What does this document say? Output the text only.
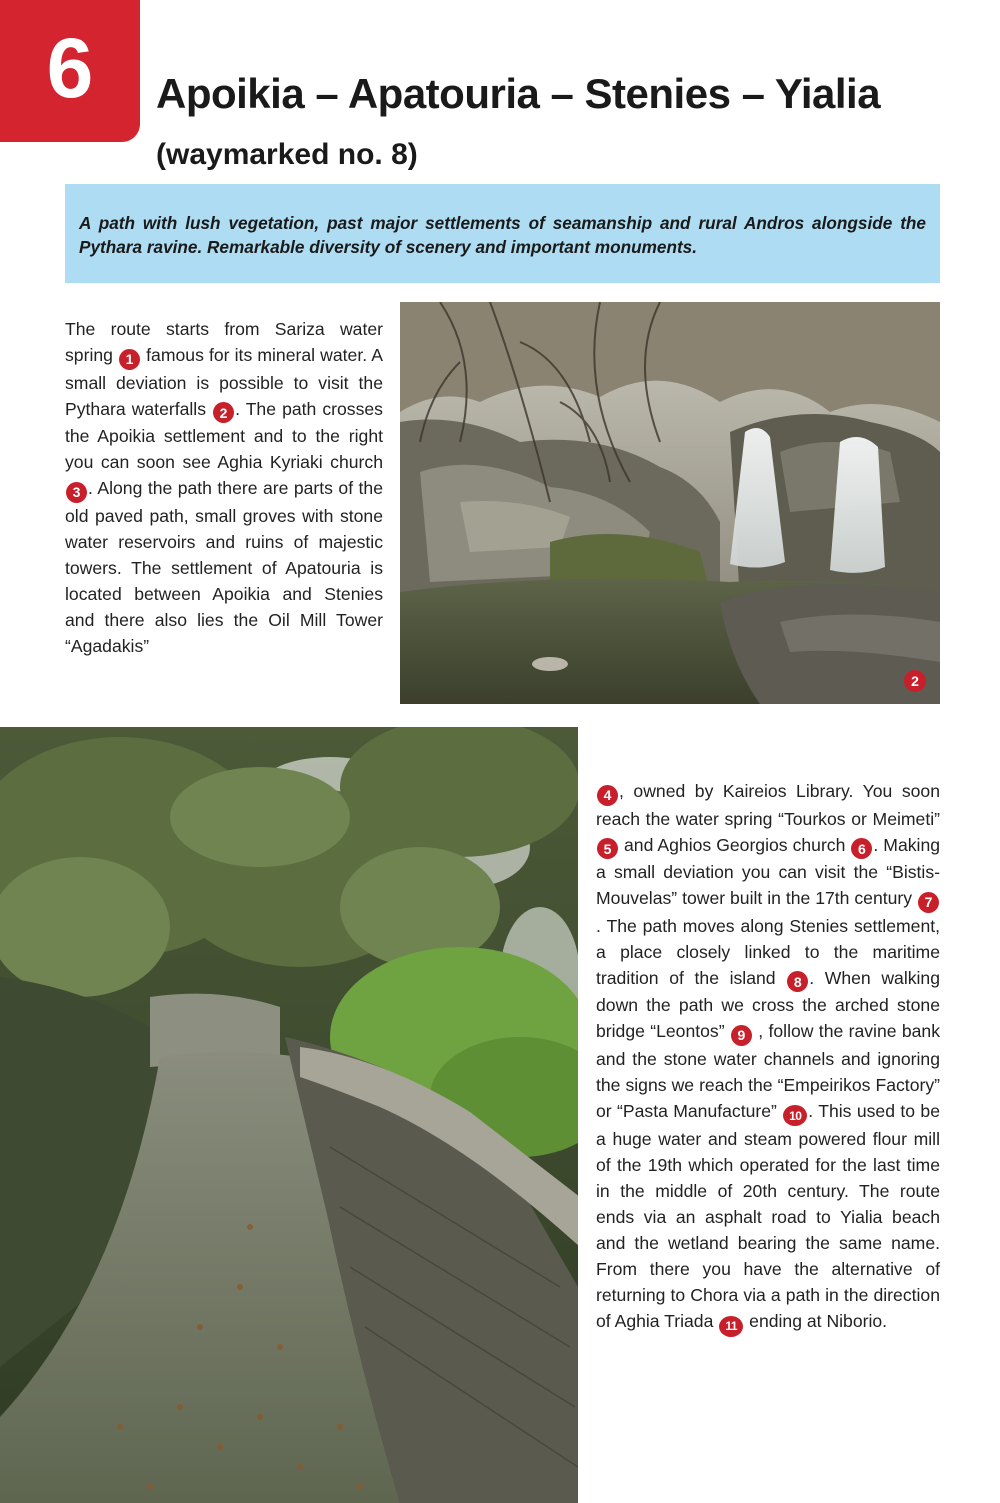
6 Apoikia – Apatouria – Stenies – Yialia (waymarked no. 8)

A path with lush vegetation, past major settlements of seamanship and rural Andros alongside the Pythara ravine. Remarkable diversity of scenery and important monuments.

The route starts from Sariza water spring 1 famous for its mineral water. A small deviation is possible to visit the Pythara waterfalls 2 . The path crosses the Apoikia settlement and to the right you can soon see Aghia Kyriaki church 3 . Along the path there are parts of the old paved path, small groves with stone water reservoirs and ruins of majestic towers. The settlement of Apatouria is located between Apoikia and Stenies and there also lies the Oil Mill Tower “Agadakis”

2

4 , owned by Kaireios Library. You soon reach the water spring “Tourkos or Meimeti” 5 and Aghios Georgios church 6 . Making a small deviation you can visit the “Bistis-Mouvelas” tower built in the 17th century 7. The path moves along Stenies settlement, a place closely linked to the maritime tradition of the island 8 . When walking down the path we cross the arched stone bridge “Leontos” 9 , follow the ravine bank and the stone water channels and ignoring the signs we reach the “Empeirikos Factory” or “Pasta Manufacture” 10 . This used to be a huge water and steam powered flour mill of the 19th which operated for the last time in the middle of 20th century. The route ends via an asphalt road to Yialia beach and the wetland bearing the same name. From there you have the alternative of returning to Chora via a path in the direction of Aghia Triada 11 ending at Niborio.
